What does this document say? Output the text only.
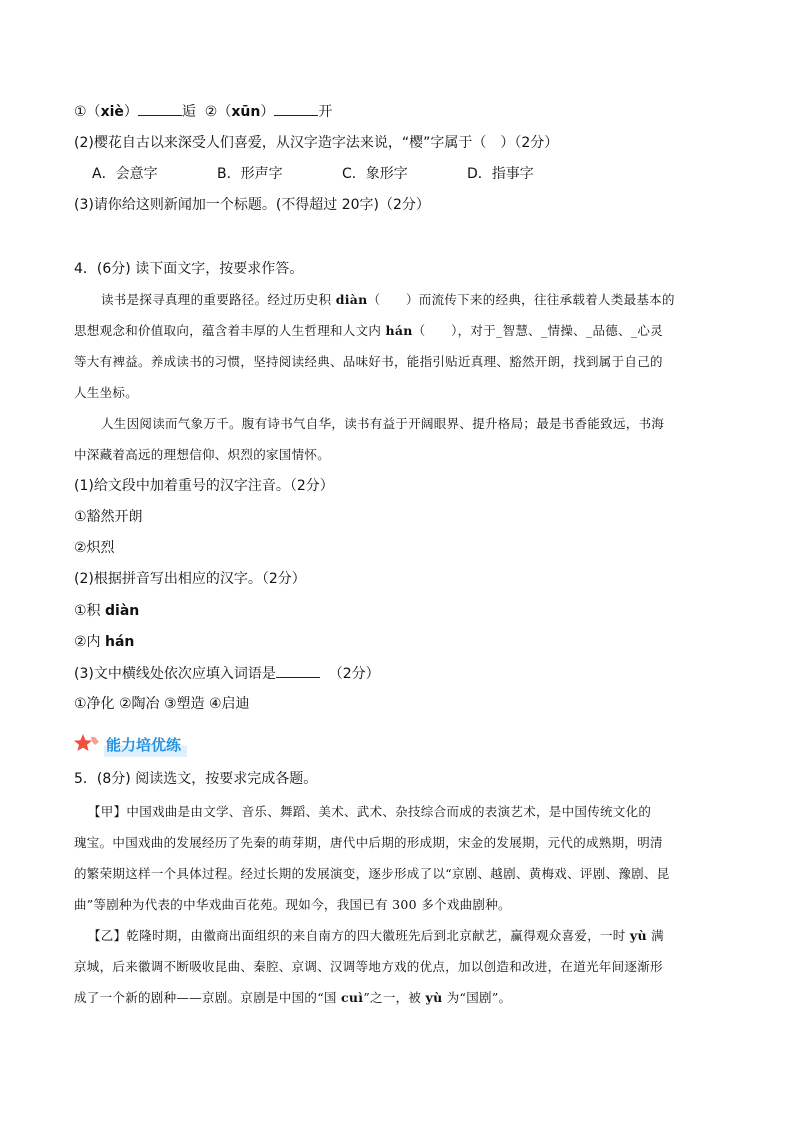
①（xiè）	逅 ②（xūn）	开
(2)樱花自古以来深受人们喜爱，从汉字造字法来说，“樱”字属于（　）（2分）
A．会意字	B．形声字	C．象形字	D．指事字
(3)请你给这则新闻加一个标题。(不得超过 20字)（2分）
4．(6分) 读下面文字，按要求作答。
读书是探寻真理的重要路径。经过历史积 diàn（　　）而流传下来的经典，往往承载着人类最基本的
思想观念和价值取向，蕴含着丰厚的人生哲理和人文内 hán（　　），对于_智慧、_情操、_品德、_心灵
等大有裨益。养成读书的习惯，坚持阅读经典、品味好书，能指引贴近真理、豁然开朗，找到属于自己的
人生坐标。
人生因阅读而气象万千。腹有诗书气自华，读书有益于开阔眼界、提升格局；最是书香能致远，书海
中深藏着高远的理想信仰、炽烈的家国情怀。
(1)给文段中加着重号的汉字注音。（2分）
①豁然开朗
②炽烈
(2)根据拼音写出相应的汉字。（2分）
①积 diàn
②内 hán
(3)文中横线处依次应填入词语是	（2分）
①净化 ②陶冶 ③塑造 ④启迪
能力培优练
5．(8分) 阅读选文，按要求完成各题。
【甲】中国戏曲是由文学、音乐、舞蹈、美术、武术、杂技综合而成的表演艺术，是中国传统文化的
瑰宝。中国戏曲的发展经历了先秦的萌芽期，唐代中后期的形成期，宋金的发展期，元代的成熟期，明清
的繁荣期这样一个具体过程。经过长期的发展演变，逐步形成了以“京剧、越剧、黄梅戏、评剧、豫剧、昆
曲”等剧种为代表的中华戏曲百花苑。现如今，我国已有 300 多个戏曲剧种。
【乙】乾隆时期，由徽商出面组织的来自南方的四大徽班先后到北京献艺，赢得观众喜爱，一时 yù 满
京城，后来徽调不断吸收昆曲、秦腔、京调、汉调等地方戏的优点，加以创造和改进，在道光年间逐渐形
成了一个新的剧种——京剧。京剧是中国的“国 cuì”之一，被 yù 为“国剧”。
